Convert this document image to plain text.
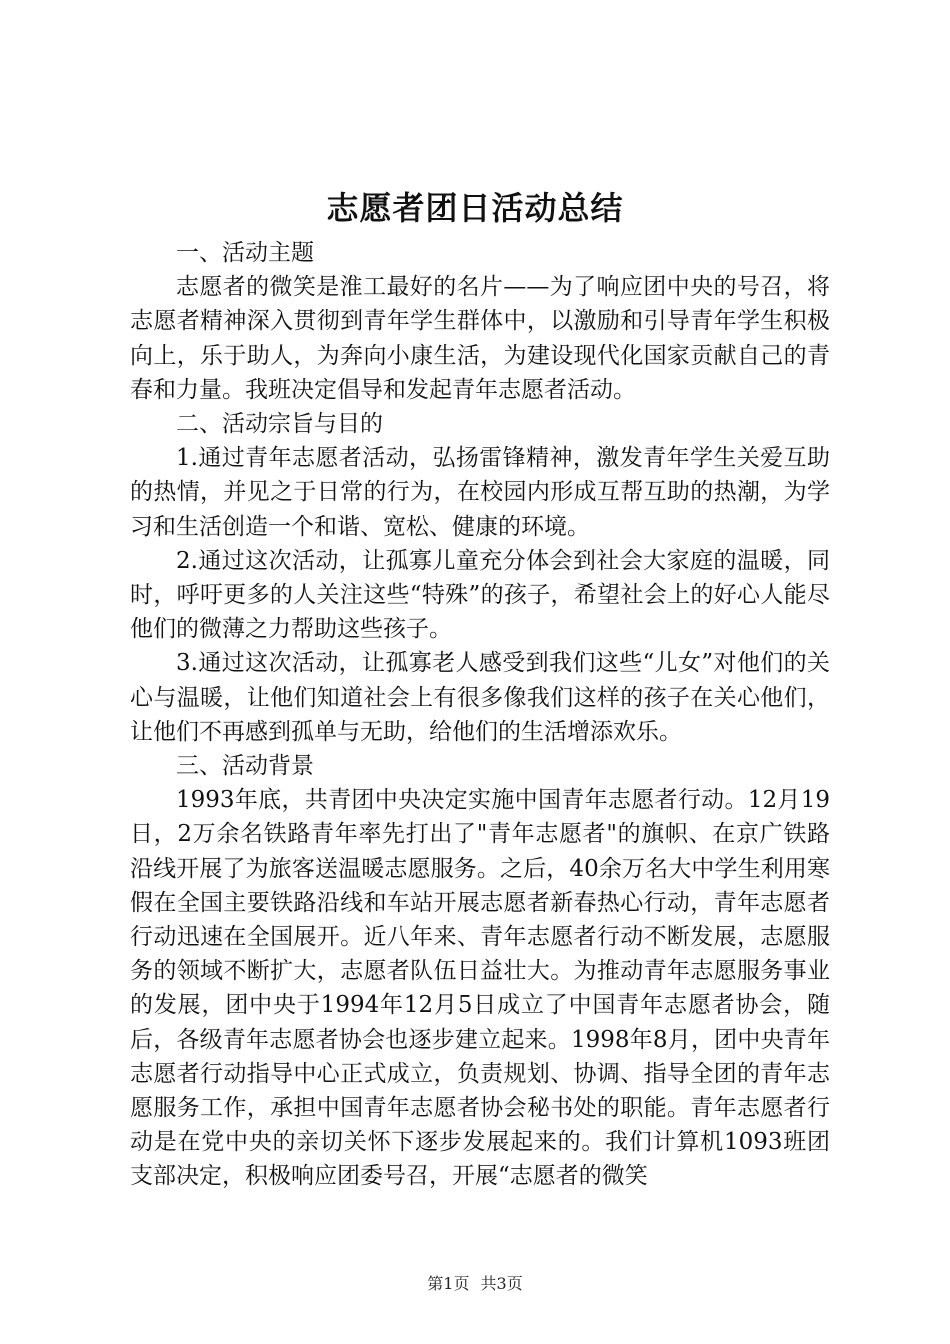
志愿者团日活动总结

一、活动主题

志愿者的微笑是淮工最好的名片——为了响应团中央的号召，将志愿者精神深入贯彻到青年学生群体中，以激励和引导青年学生积极向上，乐于助人，为奔向小康生活，为建设现代化国家贡献自己的青春和力量。我班决定倡导和发起青年志愿者活动。

二、活动宗旨与目的

1.通过青年志愿者活动，弘扬雷锋精神，激发青年学生关爱互助的热情，并见之于日常的行为，在校园内形成互帮互助的热潮，为学习和生活创造一个和谐、宽松、健康的环境。

2.通过这次活动，让孤寡儿童充分体会到社会大家庭的温暖，同时，呼吁更多的人关注这些“特殊”的孩子，希望社会上的好心人能尽他们的微薄之力帮助这些孩子。

3.通过这次活动，让孤寡老人感受到我们这些“儿女”对他们的关心与温暖，让他们知道社会上有很多像我们这样的孩子在关心他们，让他们不再感到孤单与无助，给他们的生活增添欢乐。

三、活动背景

1993年底，共青团中央决定实施中国青年志愿者行动。12月19日，2万余名铁路青年率先打出了"青年志愿者"的旗帜、在京广铁路沿线开展了为旅客送温暖志愿服务。之后，40余万名大中学生利用寒假在全国主要铁路沿线和车站开展志愿者新春热心行动，青年志愿者行动迅速在全国展开。近八年来、青年志愿者行动不断发展，志愿服务的领域不断扩大，志愿者队伍日益壮大。为推动青年志愿服务事业的发展，团中央于1994年12月5日成立了中国青年志愿者协会，随后，各级青年志愿者协会也逐步建立起来。1998年8月，团中央青年志愿者行动指导中心正式成立，负责规划、协调、指导全团的青年志愿服务工作，承担中国青年志愿者协会秘书处的职能。青年志愿者行动是在党中央的亲切关怀下逐步发展起来的。我们计算机1093班团支部决定，积极响应团委号召，开展“志愿者的微笑

第1页 共3页
